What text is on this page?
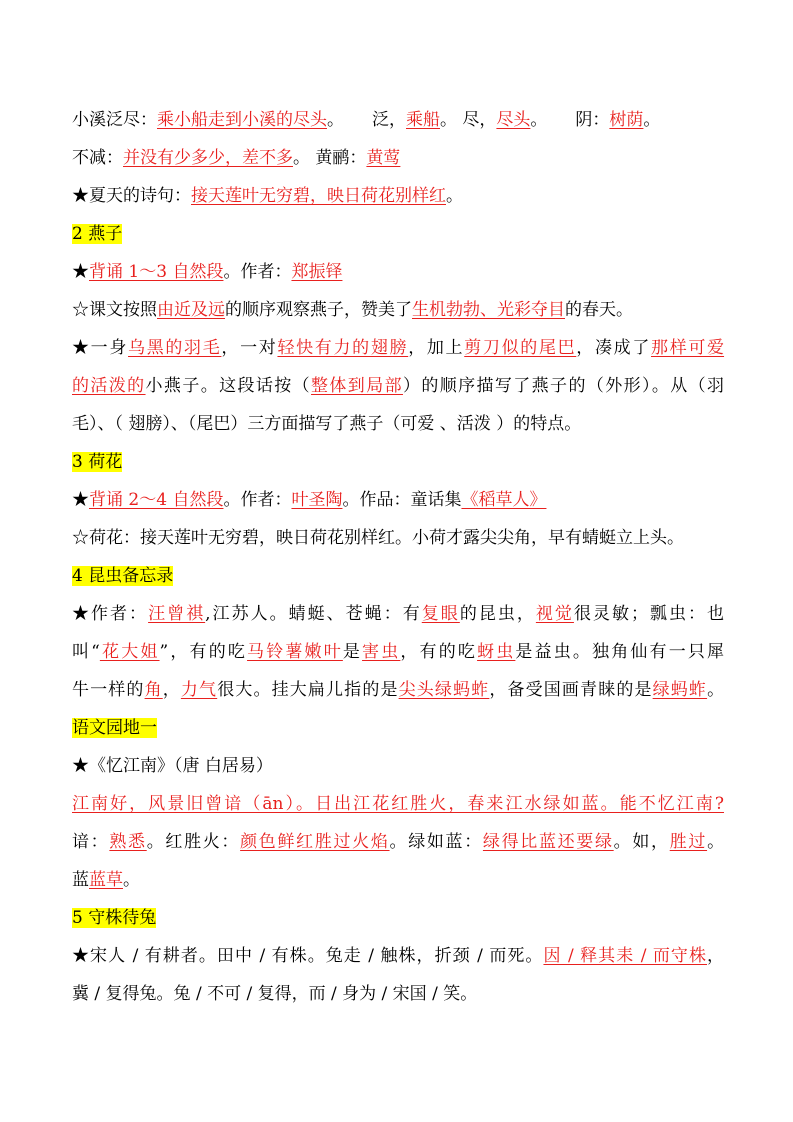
小溪泛尽：乘小船走到小溪的尽头。 泛，乘船。 尽，尽头。 阴：树荫。
不减：并没有少多少，差不多。 黄鹂：黄莺
★夏天的诗句：接天莲叶无穷碧，映日荷花别样红。
2 燕子
★背诵 1～3 自然段。作者：郑振铎
☆课文按照由近及远的顺序观察燕子，赞美了生机勃勃、光彩夺目的春天。
★一身乌黑的羽毛，一对轻快有力的翅膀，加上剪刀似的尾巴，凑成了那样可爱
的活泼的小燕子。这段话按（整体到局部）的顺序描写了燕子的（外形）。从（羽
毛）、（ 翅膀）、（尾巴）三方面描写了燕子（可爱 、活泼 ）的特点。
3 荷花
★背诵 2～4 自然段。作者：叶圣陶。作品：童话集《稻草人》
☆荷花：接天莲叶无穷碧，映日荷花别样红。小荷才露尖尖角，早有蜻蜓立上头。
4 昆虫备忘录
★作者：汪曾祺,江苏人。蜻蜓、苍蝇：有复眼的昆虫，视觉很灵敏；瓢虫：也
叫“花大姐”，有的吃马铃薯嫩叶是害虫，有的吃蚜虫是益虫。独角仙有一只犀
牛一样的角，力气很大。挂大扁儿指的是尖头绿蚂蚱，备受国画青睐的是绿蚂蚱。
语文园地一
★《忆江南》（唐 白居易）
江南好，风景旧曾谙（ān）。日出江花红胜火，春来江水绿如蓝。能不忆江南?
谙：熟悉。红胜火：颜色鲜红胜过火焰。绿如蓝：绿得比蓝还要绿。如，胜过。
蓝蓝草。
5 守株待兔
★宋人 / 有耕者。田中 / 有株。兔走 / 触株，折颈 / 而死。因 / 释其耒 / 而守株，
冀 / 复得兔。兔 / 不可 / 复得，而 / 身为 / 宋国 / 笑。
